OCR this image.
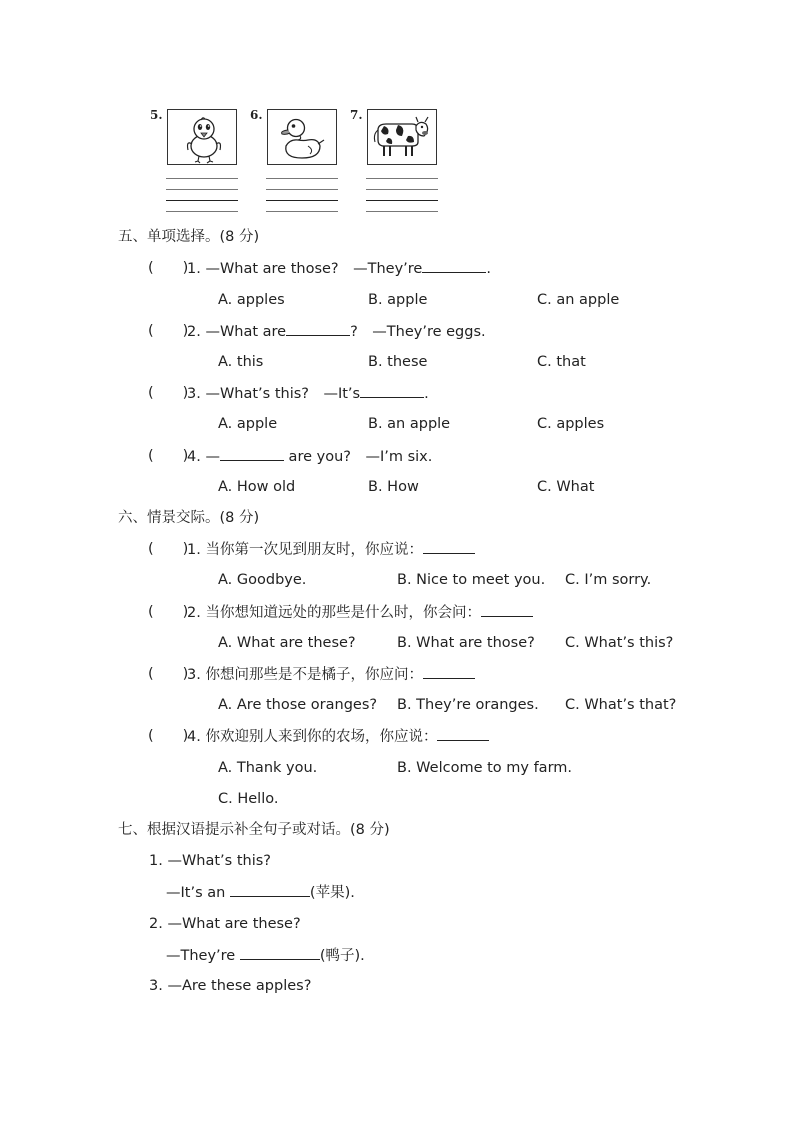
5.	6.	7.
五、单项选择。(8 分)
(　　)
1. —What are those?　—They’re	.
A. apples	B. apple	C. an apple
(　　)
2. —What are	?　—They’re eggs.
A. this	B. these	C. that
(　　)
3. —What’s this?　—It’s	.
A. apple	B. an apple	C. apples
(　　)
4. —	are you?　—I’m six.
A. How old	B. How	C. What
六、情景交际。(8 分)
(　　)
1. 当你第一次见到朋友时，你应说：
A. Goodbye.	B. Nice to meet you. C. I’m sorry.
(　　)
2. 当你想知道远处的那些是什么时，你会问：
A. What are these?	B. What are those? C. What’s this?
(　　)
3. 你想问那些是不是橘子，你应问：
A. Are those oranges? B. They’re oranges. C. What’s that?
(　　)
4. 你欢迎别人来到你的农场，你应说：
A. Thank you.	B. Welcome to my farm.
C. Hello.
七、根据汉语提示补全句子或对话。(8 分)
1. —What’s this?
—It’s an	(苹果).
2. —What are these?
—They’re	(鸭子).
3. —Are these apples?
